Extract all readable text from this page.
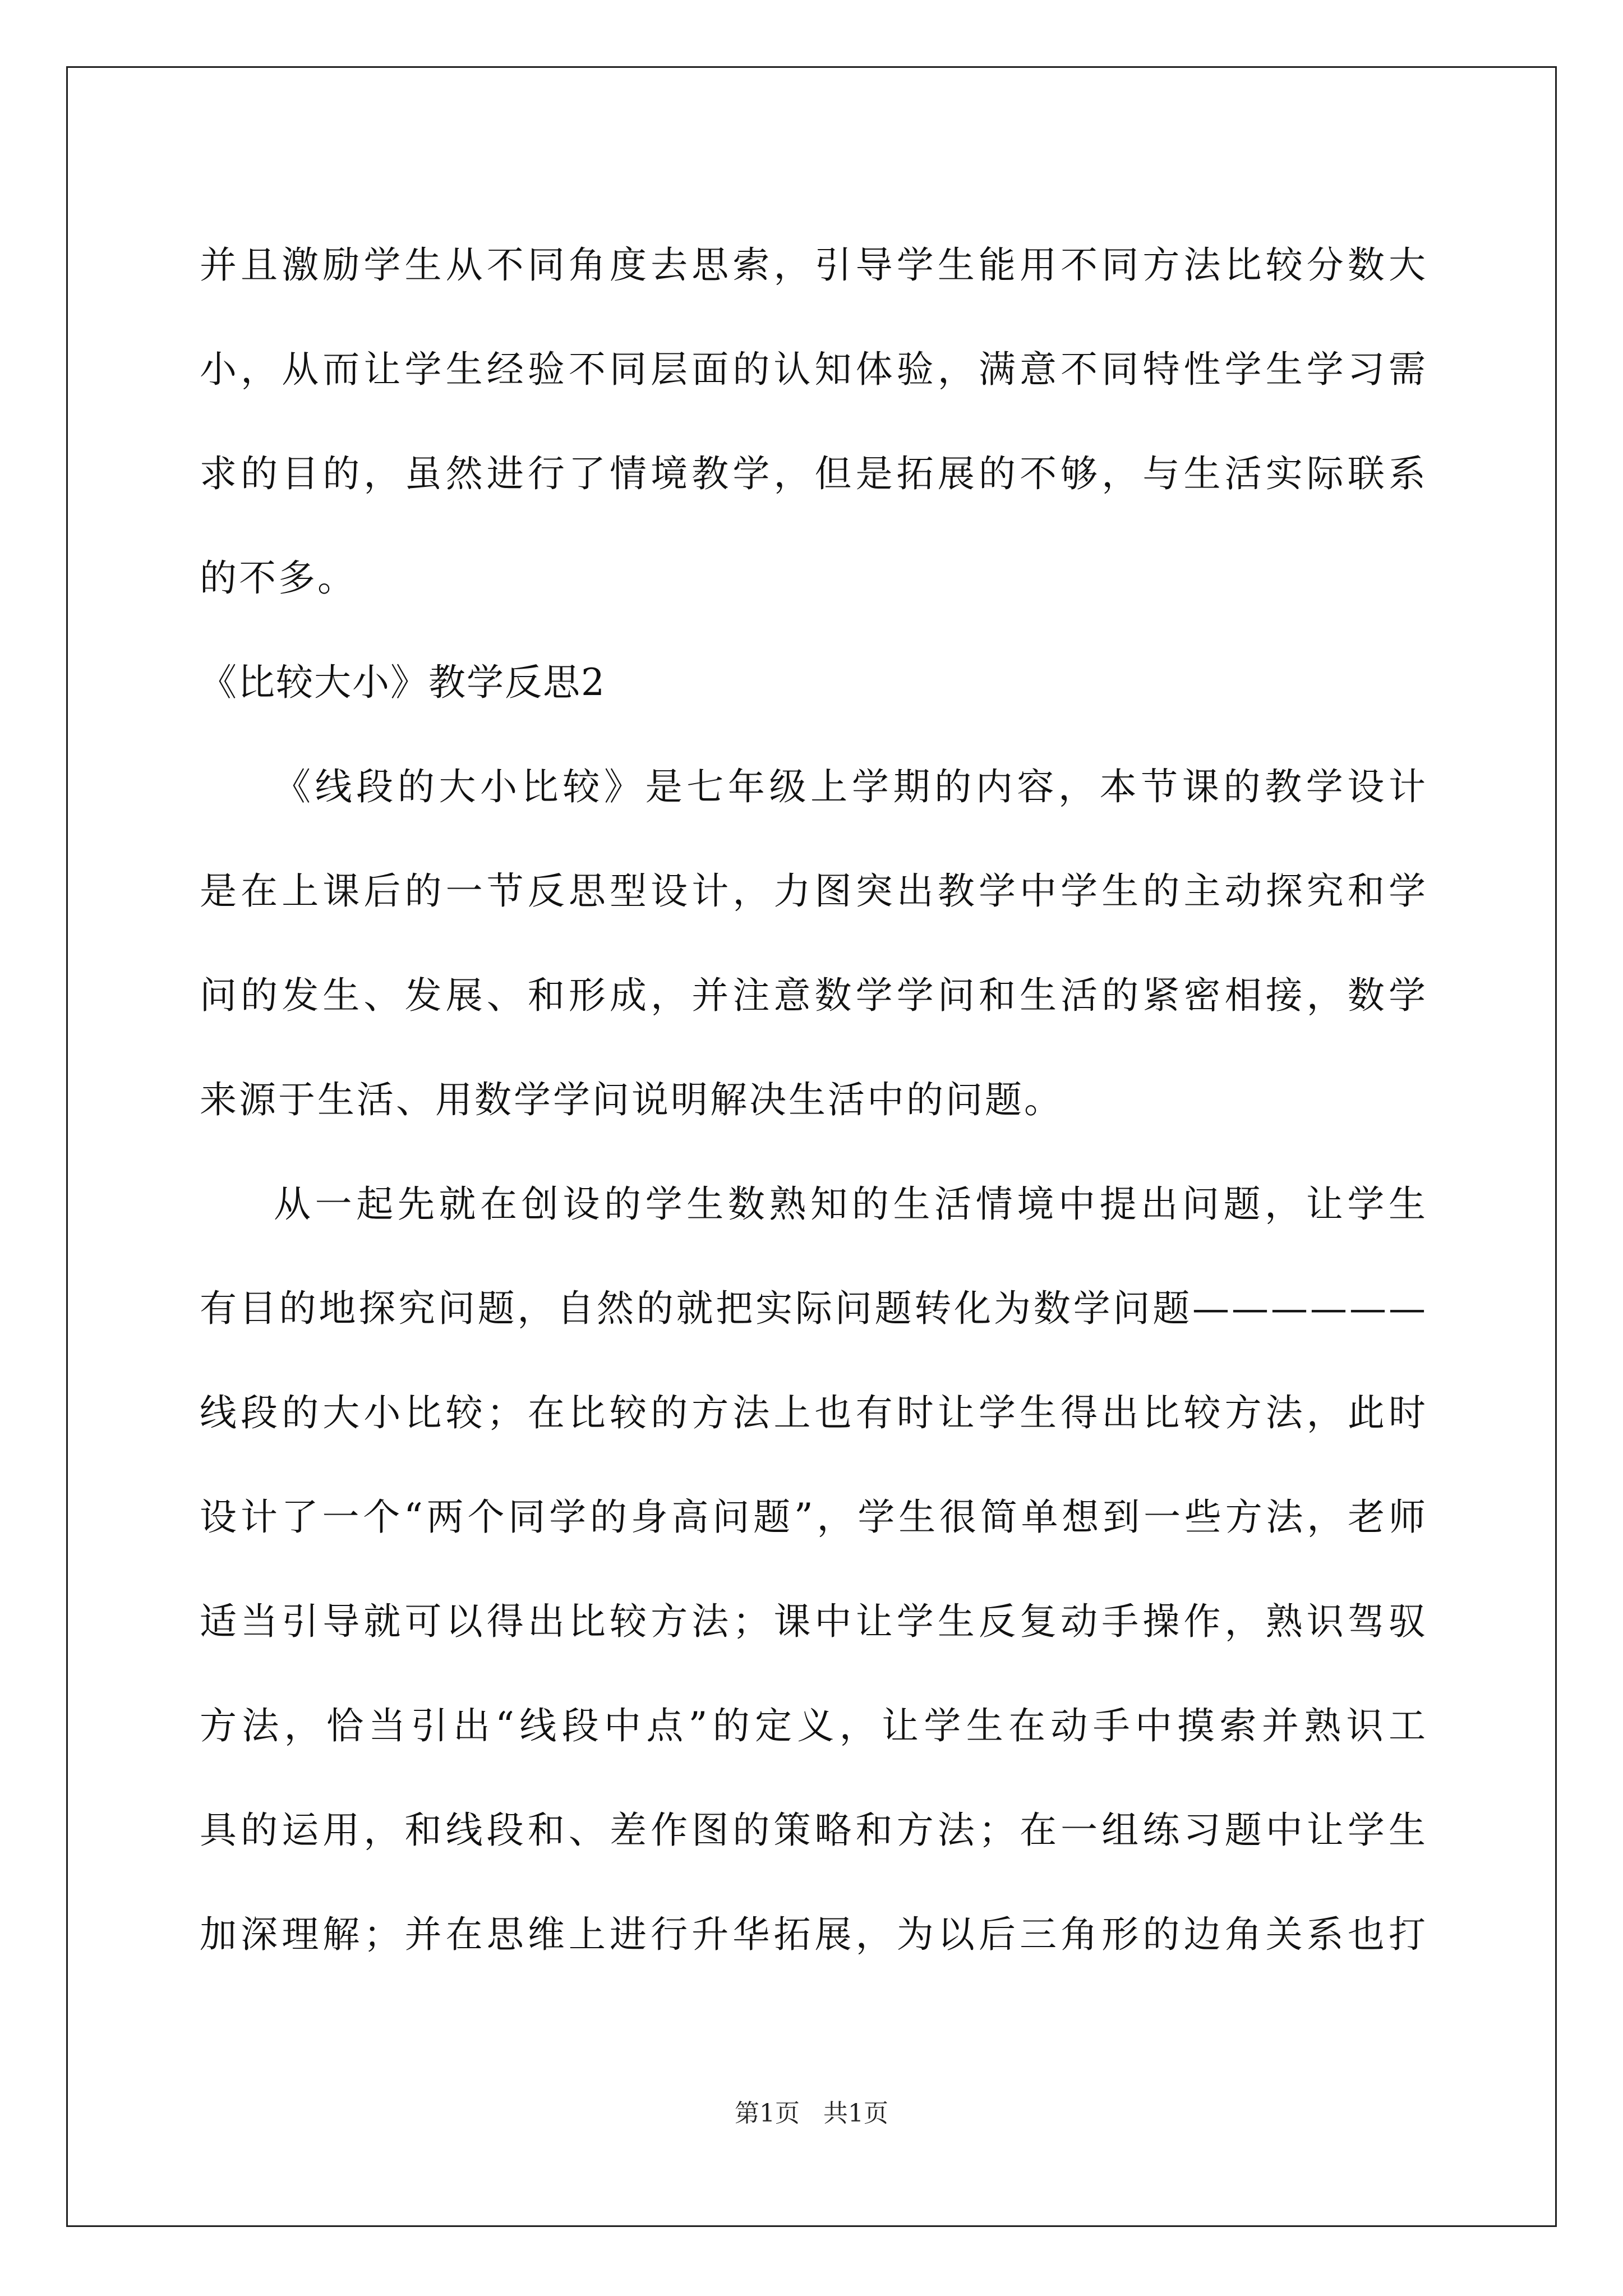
并且激励学生从不同角度去思索，引导学生能用不同方法比较分数大
小，从而让学生经验不同层面的认知体验，满意不同特性学生学习需
求的目的，虽然进行了情境教学，但是拓展的不够，与生活实际联系
的不多。
《比较大小》教学反思2
《线段的大小比较》是七年级上学期的内容，本节课的教学设计
是在上课后的一节反思型设计，力图突出教学中学生的主动探究和学
问的发生、发展、和形成，并注意数学学问和生活的紧密相接，数学
来源于生活、用数学学问说明解决生活中的问题。
从一起先就在创设的学生数熟知的生活情境中提出问题，让学生
有目的地探究问题，自然的就把实际问题转化为数学问题——————
线段的大小比较；在比较的方法上也有时让学生得出比较方法，此时
设计了一个“两个同学的身高问题”，学生很简单想到一些方法，老师
适当引导就可以得出比较方法；课中让学生反复动手操作，熟识驾驭
方法，恰当引出“线段中点”的定义，让学生在动手中摸索并熟识工
具的运用，和线段和、差作图的策略和方法；在一组练习题中让学生
加深理解；并在思维上进行升华拓展，为以后三角形的边角关系也打
第1页 共1页
